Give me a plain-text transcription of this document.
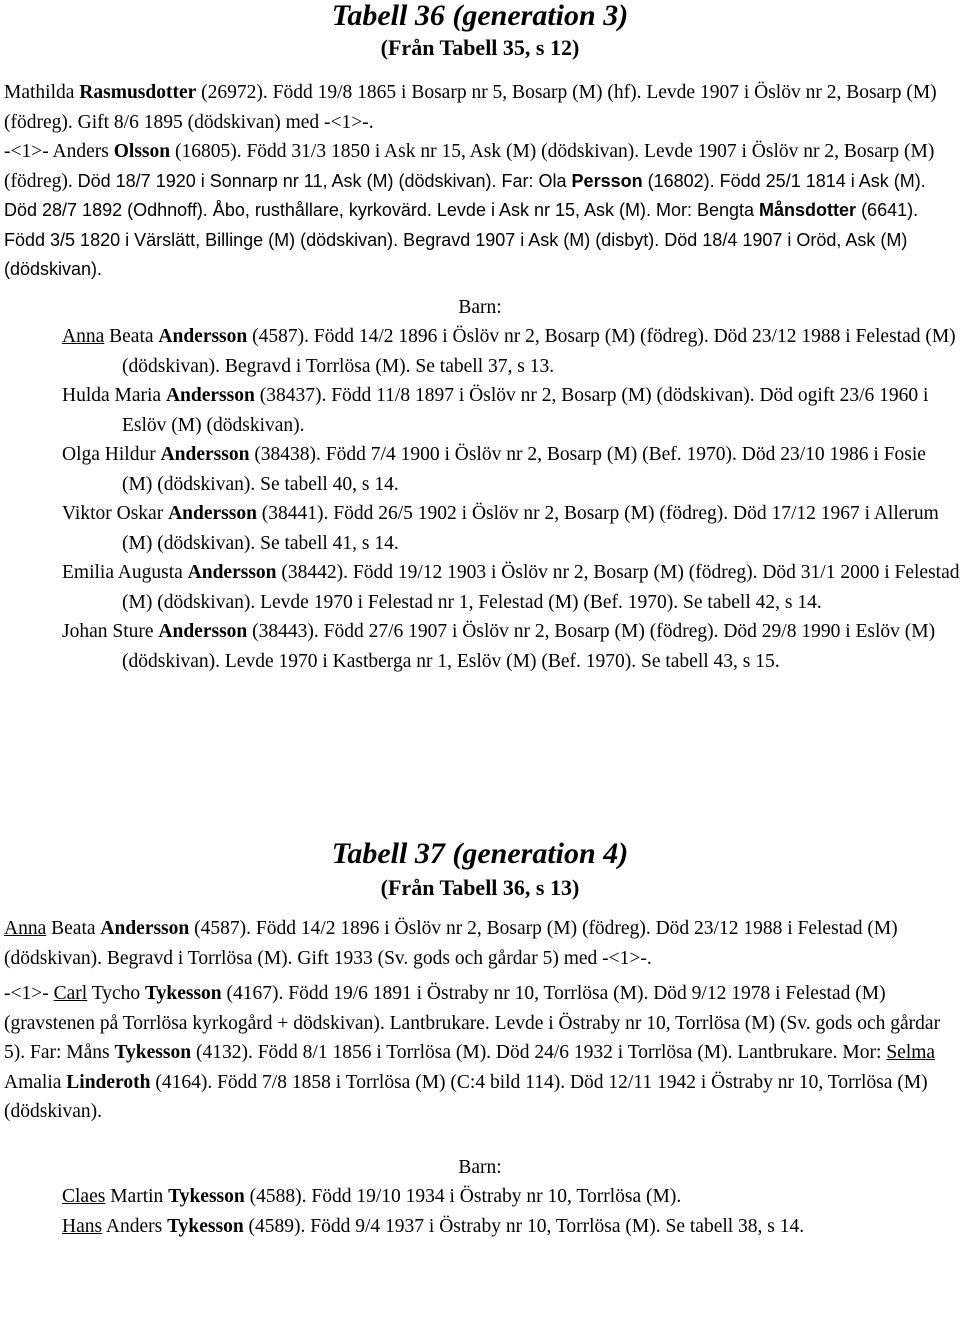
Tabell 36 (generation 3)

(Från Tabell 35, s 12)

Mathilda Rasmusdotter (26972). Född 19/8 1865 i Bosarp nr 5, Bosarp (M) (hf). Levde 1907 i Öslöv nr 2, Bosarp (M) (födreg). Gift 8/6 1895 (dödskivan) med -<1>-.

-<1>- Anders Olsson (16805). Född 31/3 1850 i Ask nr 15, Ask (M) (dödskivan). Levde 1907 i Öslöv nr 2, Bosarp (M) (födreg). Död 18/7 1920 i Sonnarp nr 11, Ask (M) (dödskivan). Far: Ola Persson (16802). Född 25/1 1814 i Ask (M). Död 28/7 1892 (Odhnoff). Åbo, rusthållare, kyrkovärd. Levde i Ask nr 15, Ask (M). Mor: Bengta Månsdotter (6641). Född 3/5 1820 i Värslätt, Billinge (M) (dödskivan). Begravd 1907 i Ask (M) (disbyt). Död 18/4 1907 i Oröd, Ask (M) (dödskivan).

Barn:

Anna Beata Andersson (4587). Född 14/2 1896 i Öslöv nr 2, Bosarp (M) (födreg). Död 23/12 1988 i Felestad (M) (dödskivan). Begravd i Torrlösa (M). Se tabell 37, s 13.

Hulda Maria Andersson (38437). Född 11/8 1897 i Öslöv nr 2, Bosarp (M) (dödskivan). Död ogift 23/6 1960 i Eslöv (M) (dödskivan).

Olga Hildur Andersson (38438). Född 7/4 1900 i Öslöv nr 2, Bosarp (M) (Bef. 1970). Död 23/10 1986 i Fosie (M) (dödskivan). Se tabell 40, s 14.

Viktor Oskar Andersson (38441). Född 26/5 1902 i Öslöv nr 2, Bosarp (M) (födreg). Död 17/12 1967 i Allerum (M) (dödskivan). Se tabell 41, s 14.

Emilia Augusta Andersson (38442). Född 19/12 1903 i Öslöv nr 2, Bosarp (M) (födreg). Död 31/1 2000 i Felestad (M) (dödskivan). Levde 1970 i Felestad nr 1, Felestad (M) (Bef. 1970). Se tabell 42, s 14.

Johan Sture Andersson (38443). Född 27/6 1907 i Öslöv nr 2, Bosarp (M) (födreg). Död 29/8 1990 i Eslöv (M) (dödskivan). Levde 1970 i Kastberga nr 1, Eslöv (M) (Bef. 1970). Se tabell 43, s 15.

Tabell 37 (generation 4)

(Från Tabell 36, s 13)

Anna Beata Andersson (4587). Född 14/2 1896 i Öslöv nr 2, Bosarp (M) (födreg). Död 23/12 1988 i Felestad (M) (dödskivan). Begravd i Torrlösa (M). Gift 1933 (Sv. gods och gårdar 5) med -<1>-.

-<1>- Carl Tycho Tykesson (4167). Född 19/6 1891 i Östraby nr 10, Torrlösa (M). Död 9/12 1978 i Felestad (M) (gravstenen på Torrlösa kyrkogård + dödskivan). Lantbrukare. Levde i Östraby nr 10, Torrlösa (M) (Sv. gods och gårdar 5). Far: Måns Tykesson (4132). Född 8/1 1856 i Torrlösa (M). Död 24/6 1932 i Torrlösa (M). Lantbrukare. Mor: Selma Amalia Linderoth (4164). Född 7/8 1858 i Torrlösa (M) (C:4 bild 114). Död 12/11 1942 i Östraby nr 10, Torrlösa (M) (dödskivan).

Barn:

Claes Martin Tykesson (4588). Född 19/10 1934 i Östraby nr 10, Torrlösa (M).

Hans Anders Tykesson (4589). Född 9/4 1937 i Östraby nr 10, Torrlösa (M). Se tabell 38, s 14.
